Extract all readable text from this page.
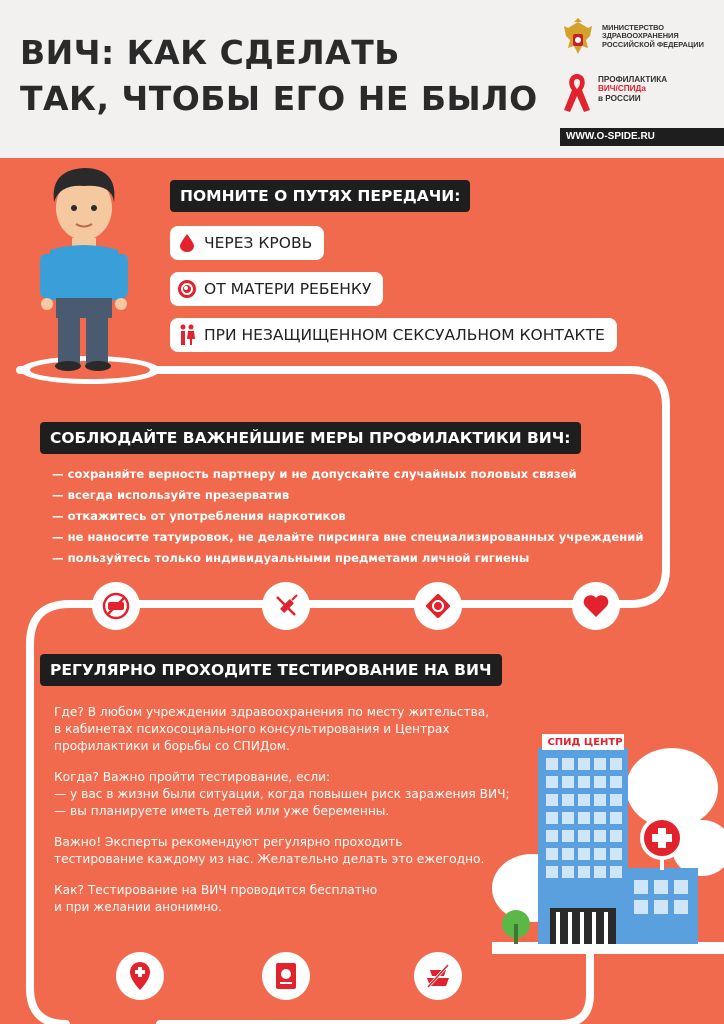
ВИЧ: КАК СДЕЛАТЬ
ТАК, ЧТОБЫ ЕГО НЕ БЫЛО
МИНИСТЕРСТВО
ЗДРАВООХРАНЕНИЯ
РОССИЙСКОЙ ФЕДЕРАЦИИ
ПРОФИЛАКТИКА
ВИЧ/СПИДа
в РОССИИ
WWW.O-SPIDE.RU
ПОМНИТЕ О ПУТЯХ ПЕРЕДАЧИ:
ЧЕРЕЗ КРОВЬ
ОТ МАТЕРИ РЕБЕНКУ
ПРИ НЕЗАЩИЩЕННОМ СЕКСУАЛЬНОМ КОНТАКТЕ
СОБЛЮДАЙТЕ ВАЖНЕЙШИЕ МЕРЫ ПРОФИЛАКТИКИ ВИЧ:
— сохраняйте верность партнеру и не допускайте случайных половых связей
— всегда используйте презерватив
— откажитесь от употребления наркотиков
— не наносите татуировок, не делайте пирсинга вне специализированных учреждений
— пользуйтесь только индивидуальными предметами личной гигиены
РЕГУЛЯРНО ПРОХОДИТЕ ТЕСТИРОВАНИЕ НА ВИЧ

Где? В любом учреждении здравоохранения по месту жительства,
в кабинетах психосоциального консультирования и Центрах
профилактики и борьбы со СПИДом.

Когда? Важно пройти тестирование, если:
— у вас в жизни были ситуации, когда повышен риск заражения ВИЧ;
— вы планируете иметь детей или уже беременны.

Важно! Эксперты рекомендуют регулярно проходить
тестирование каждому из нас. Желательно делать это ежегодно.

Как? Тестирование на ВИЧ проводится бесплатно
и при желании анонимно.

СПИД ЦЕНТР
